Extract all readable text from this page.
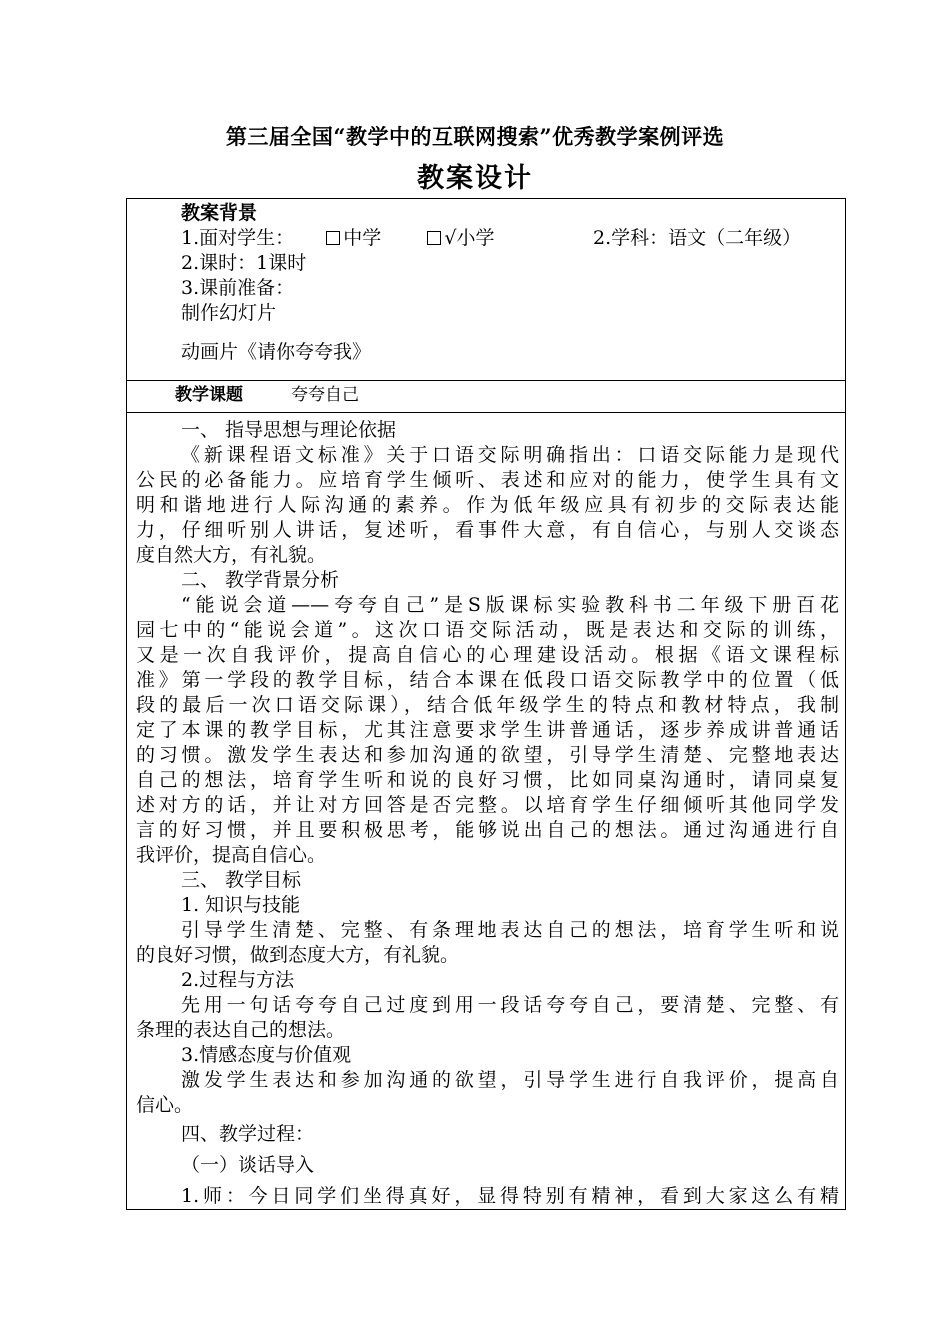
第三届全国“教学中的互联网搜索”优秀教学案例评选
教案设计
教案背景
1.面对学生：	中学	√小学	2.学科：语文（二年级）
2.课时：1课时
3.课前准备：
制作幻灯片
动画片《请你夸夸我》
教学课题	夸夸自己
一、 指导思想与理论依据
《新课程语文标准》关于口语交际明确指出：口语交际能力是现代
公民的必备能力。应培育学生倾听、表述和应对的能力，使学生具有文
明和谐地进行人际沟通的素养。作为低年级应具有初步的交际表达能
力，仔细听别人讲话，复述听，看事件大意，有自信心，与别人交谈态
度自然大方，有礼貌。
二、 教学背景分析
“能说会道——夸夸自己”是S版课标实验教科书二年级下册百花
园七中的“能说会道”。这次口语交际活动，既是表达和交际的训练，
又是一次自我评价，提高自信心的心理建设活动。根据《语文课程标
准》第一学段的教学目标，结合本课在低段口语交际教学中的位置（低
段的最后一次口语交际课），结合低年级学生的特点和教材特点，我制
定了本课的教学目标，尤其注意要求学生讲普通话，逐步养成讲普通话
的习惯。激发学生表达和参加沟通的欲望，引导学生清楚、完整地表达
自己的想法，培育学生听和说的良好习惯，比如同桌沟通时，请同桌复
述对方的话，并让对方回答是否完整。以培育学生仔细倾听其他同学发
言的好习惯，并且要积极思考，能够说出自己的想法。通过沟通进行自
我评价，提高自信心。
三、 教学目标
1. 知识与技能
引导学生清楚、完整、有条理地表达自己的想法，培育学生听和说
的良好习惯，做到态度大方，有礼貌。
2.过程与方法
先用一句话夸夸自己过度到用一段话夸夸自己，要清楚、完整、有
条理的表达自己的想法。
3.情感态度与价值观
激发学生表达和参加沟通的欲望，引导学生进行自我评价，提高自
信心。
四、教学过程：
（一）谈话导入
1.师：今日同学们坐得真好，显得特别有精神，看到大家这么有精
